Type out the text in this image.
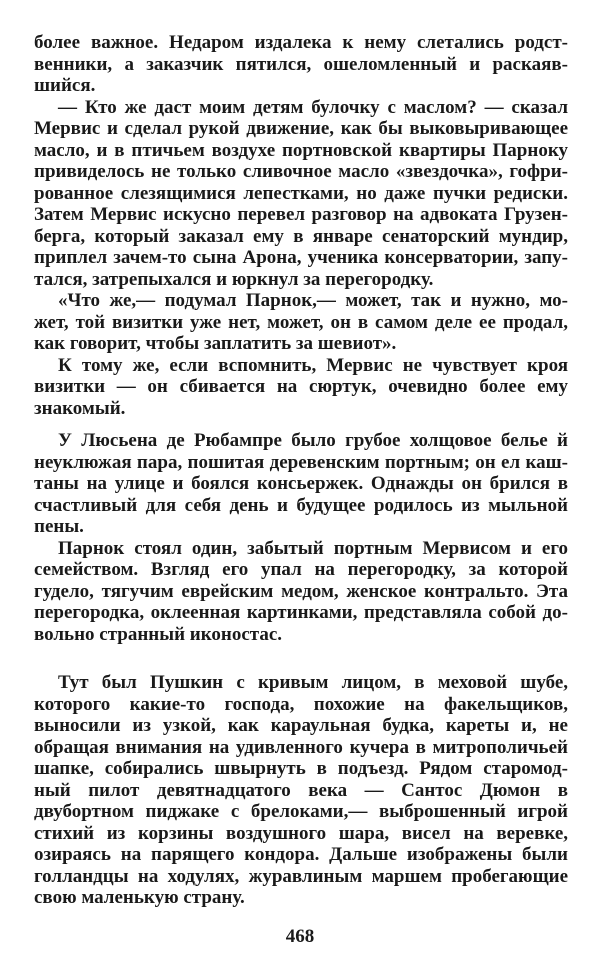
более важное. Недаром издалека к нему слетались родст-
венники, а заказчик пятился, ошеломленный и раскаяв-
шийся.
— Кто же даст моим детям булочку с маслом? — сказал
Мервис и сделал рукой движение, как бы выковыривающее
масло, и в птичьем воздухе портновской квартиры Парноку
привиделось не только сливочное масло «звездочка», гофри-
рованное слезящимися лепестками, но даже пучки редиски.
Затем Мервис искусно перевел разговор на адвоката Грузен-
берга, который заказал ему в январе сенаторский мундир,
приплел зачем-то сына Арона, ученика консерватории, запу-
тался, затрепыхался и юркнул за перегородку.
«Что же,— подумал Парнок,— может, так и нужно, мо-
жет, той визитки уже нет, может, он в самом деле ее продал,
как говорит, чтобы заплатить за шевиот».
К тому же, если вспомнить, Мервис не чувствует кроя
визитки — он сбивается на сюртук, очевидно более ему
знакомый.
У Люсьена де Рюбампре было грубое холщовое белье й
неуклюжая пара, пошитая деревенским портным; он ел каш-
таны на улице и боялся консьержек. Однажды он брился в
счастливый для себя день и будущее родилось из мыльной
пены.
Парнок стоял один, забытый портным Мервисом и его
семейством. Взгляд его упал на перегородку, за которой
гудело, тягучим еврейским медом, женское контральто. Эта
перегородка, оклеенная картинками, представляла собой до-
вольно странный иконостас.
Тут был Пушкин с кривым лицом, в меховой шубе,
которого какие-то господа, похожие на факельщиков,
выносили из узкой, как караульная будка, кареты и, не
обращая внимания на удивленного кучера в митрополичьей
шапке, собирались швырнуть в подъезд. Рядом старомод-
ный пилот девятнадцатого века — Сантос Дюмон в
двубортном пиджаке с брелоками,— выброшенный игрой
стихий из корзины воздушного шара, висел на веревке,
озираясь на парящего кондора. Дальше изображены были
голландцы на ходулях, журавлиным маршем пробегающие
свою маленькую страну.
468
